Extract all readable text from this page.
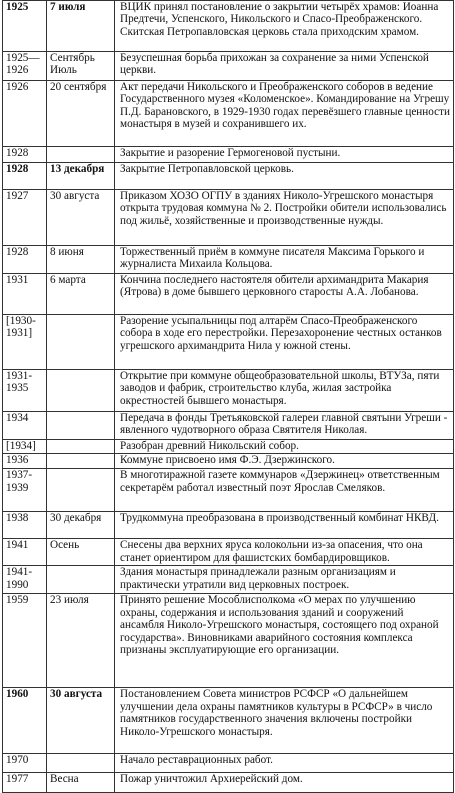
1925	7 июля	ВЦИК принял постановление о закрытии четырёх храмов: Иоанна Предтечи, Успенского, Никольского и Спасо-Преображенского. Скитская Петропавловская церковь стала приходским храмом.
1925—1926	Сентябрь Июль	Безуспешная борьба прихожан за сохранение за ними Успенской церкви.
1926	20 сентября	Акт передачи Никольского и Преображенского соборов в ведение Государственного музея «Коломенское». Командирование на Угрешу П.Д. Барановского, в 1929-1930 годах перевёзшего главные ценности монастыря в музей и сохранившего их.
1928		Закрытие и разорение Гермогеновой пустыни.
1928	13 декабря	Закрытие Петропавловской церковь.
1927	30 августа	Приказом ХОЗО ОГПУ в зданиях Николо-Угрешского монастыря открыта трудовая коммуна № 2. Постройки обители использовались под жильё, хозяйственные и производственные нужды.
1928	8 июня	Торжественный приём в коммуне писателя Максима Горького и журналиста Михаила Кольцова.
1931	6 марта	Кончина последнего настоятеля обители архимандрита Макария (Ятрова) в доме бывшего церковного старосты А.А. Лобанова.
[1930-1931]		Разорение усыпальницы под алтарём Спасо-Преображенского собора в ходе его перестройки. Перезахоронение честных останков угрешского архимандрита Нила у южной стены.
1931-1935		Открытие при коммуне общеобразовательной школы, ВТУЗа, пяти заводов и фабрик, строительство клуба, жилая застройка окрестностей бывшего монастыря.
1934		Передача в фонды Третьяковской галереи главной святыни Угреши - явленного чудотворного образа Святителя Николая.
[1934]		Разобран древний Никольский собор.
1936		Коммуне присвоено имя Ф.Э. Дзержинского.
1937-1939		В многотиражной газете коммунаров «Дзержинец» ответственным секретарём работал известный поэт Ярослав Смеляков.
1938	30 декабря	Трудкоммуна преобразована в производственный комбинат НКВД.
1941	Осень	Снесены два верхних яруса колокольни из-за опасения, что она станет ориентиром для фашистских бомбардировщиков.
1941-1990		Здания монастыря принадлежали разным организациям и практически утратили вид церковных построек.
1959	23 июля	Принято решение Мособлисполкома «О мерах по улучшению охраны, содержания и использования зданий и сооружений ансамбля Николо-Угрешского монастыря, состоящего под охраной государства». Виновниками аварийного состояния комплекса признаны эксплуатирующие его организации.
1960	30 августа	Постановлением Совета министров РСФСР «О дальнейшем улучшении дела охраны памятников культуры в РСФСР» в число памятников государственного значения включены постройки Николо-Угрешского монастыря.
1970		Начало реставрационных работ.
1977	Весна	Пожар уничтожил Архиерейский дом.
